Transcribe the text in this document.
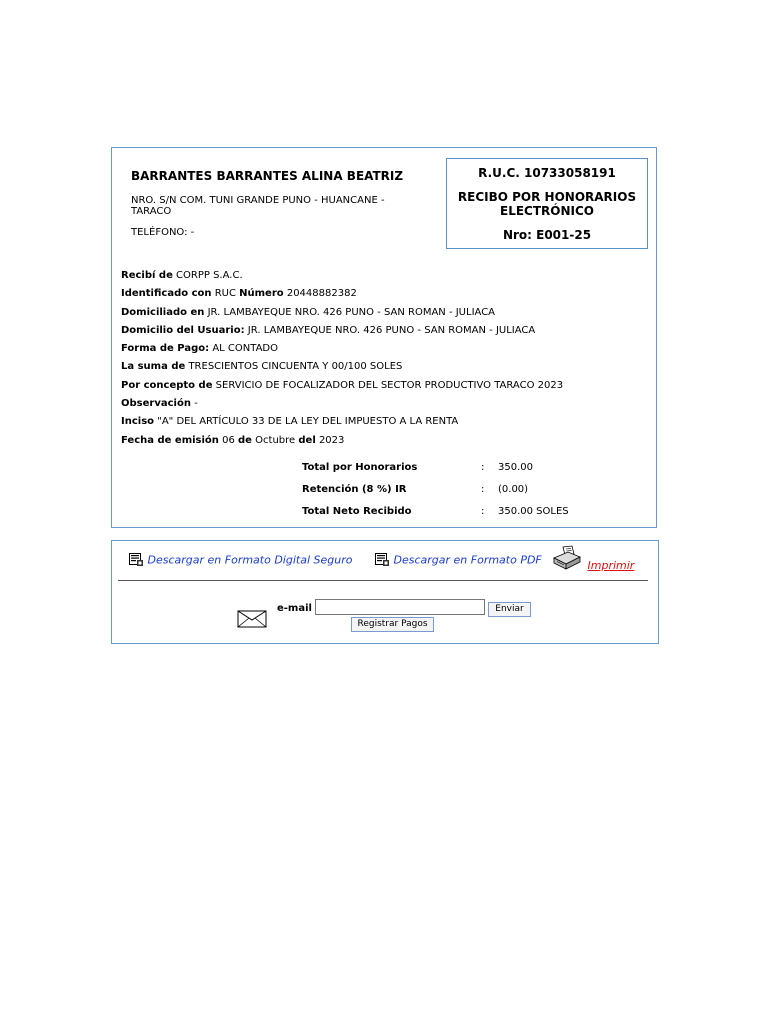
BARRANTES BARRANTES ALINA BEATRIZ
NRO. S/N COM. TUNI GRANDE PUNO - HUANCANE - TARACO
TELÉFONO: -
R.U.C. 10733058191
RECIBO POR HONORARIOS ELECTRÓNICO
Nro: E001-25
Recibí de CORPP S.A.C.
Identificado con RUC Número 20448882382
Domiciliado en JR. LAMBAYEQUE NRO. 426 PUNO - SAN ROMAN - JULIACA
Domicilio del Usuario: JR. LAMBAYEQUE NRO. 426 PUNO - SAN ROMAN - JULIACA
Forma de Pago: AL CONTADO
La suma de TRESCIENTOS CINCUENTA Y 00/100 SOLES
Por concepto de SERVICIO DE FOCALIZADOR DEL SECTOR PRODUCTIVO TARACO 2023
Observación -
Inciso "A" DEL ARTÍCULO 33 DE LA LEY DEL IMPUESTO A LA RENTA
Fecha de emisión 06 de Octubre del 2023
Total por Honorarios	: 350.00
Retención (8 %) IR	: (0.00)
Total Neto Recibido	: 350.00 SOLES
Descargar en Formato Digital Seguro	Descargar en Formato PDF	Imprimir
e-mail	Enviar
Registrar Pagos
